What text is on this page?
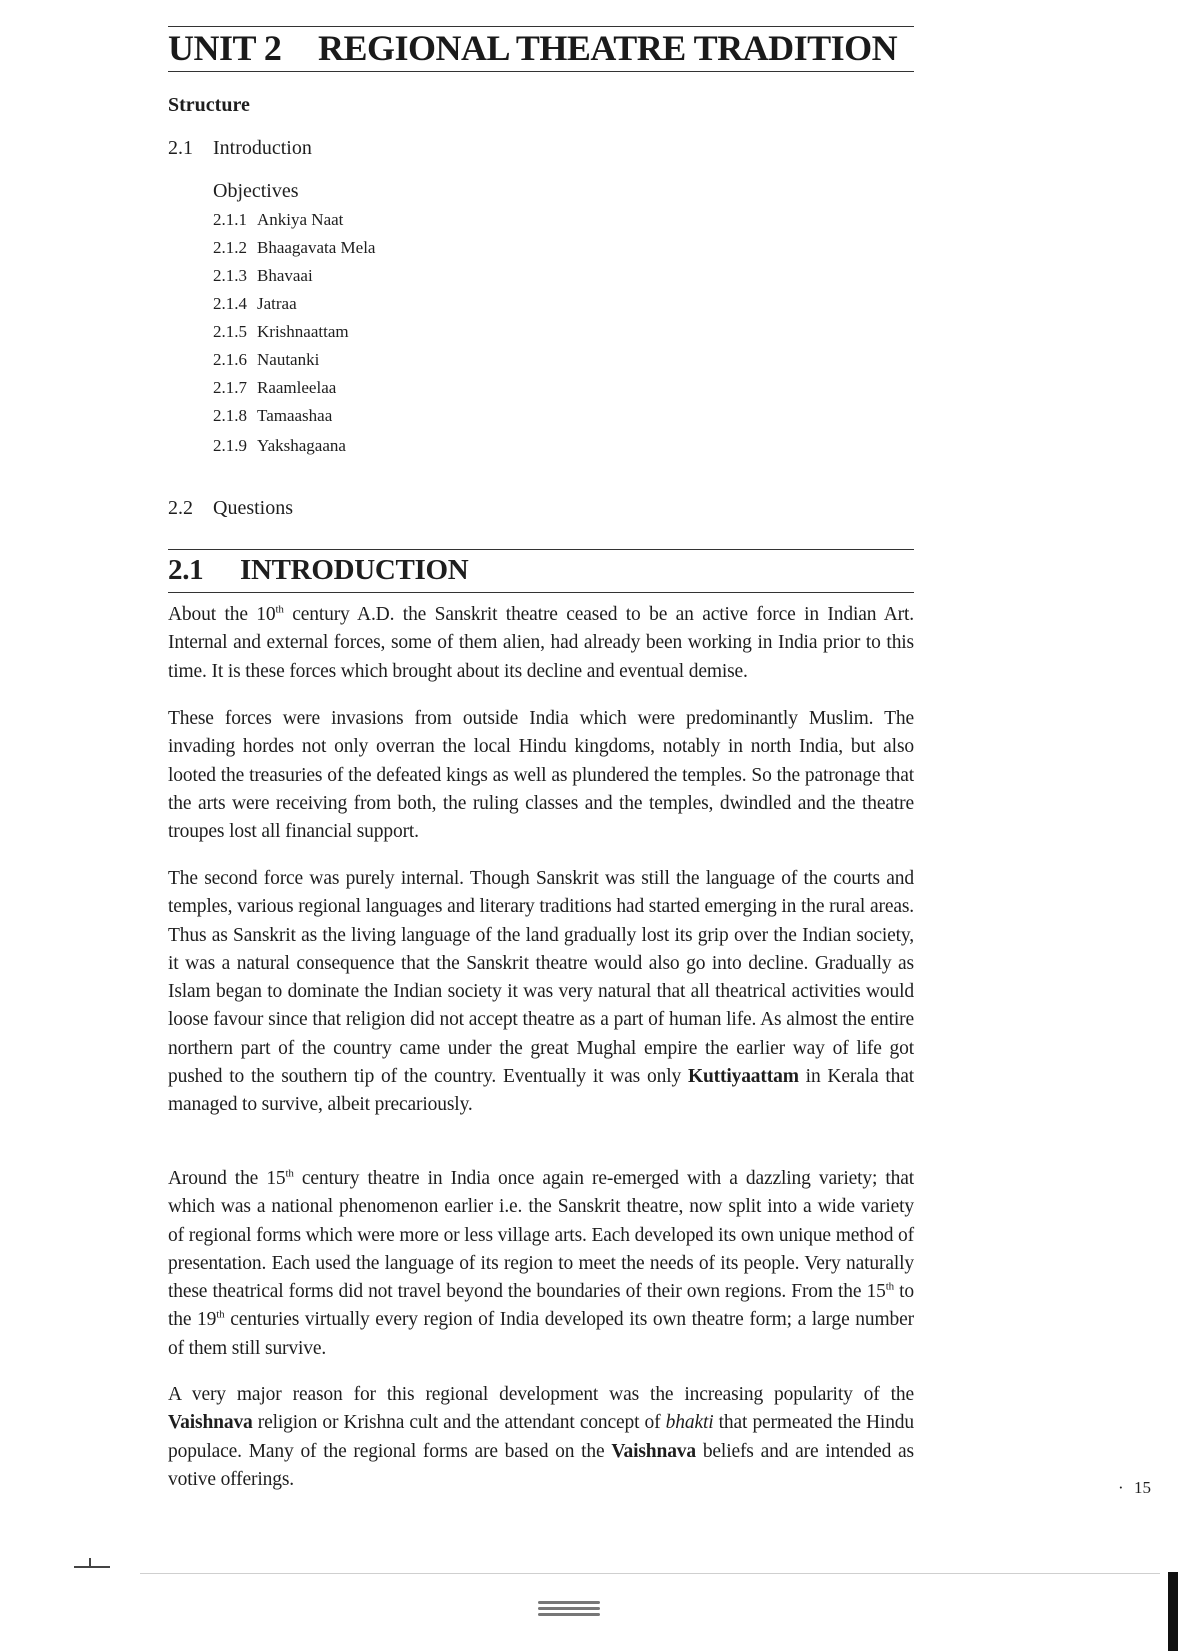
UNIT 2 REGIONAL THEATRE TRADITION
Structure
2.1 Introduction
Objectives
2.1.1 Ankiya Naat
2.1.2 Bhaagavata Mela
2.1.3 Bhavaai
2.1.4 Jatraa
2.1.5 Krishnaattam
2.1.6 Nautanki
2.1.7 Raamleelaa
2.1.8 Tamaashaa
2.1.9 Yakshagaana
2.2 Questions
2.1 INTRODUCTION

About the 10th century A.D. the Sanskrit theatre ceased to be an active force in Indian Art. Internal and external forces, some of them alien, had already been working in India prior to this time. It is these forces which brought about its decline and eventual demise.

These forces were invasions from outside India which were predominantly Muslim. The invading hordes not only overran the local Hindu kingdoms, notably in north India, but also looted the treasuries of the defeated kings as well as plundered the temples. So the patronage that the arts were receiving from both, the ruling classes and the temples, dwindled and the theatre troupes lost all financial support.

The second force was purely internal. Though Sanskrit was still the language of the courts and temples, various regional languages and literary traditions had started emerging in the rural areas. Thus as Sanskrit as the living language of the land gradually lost its grip over the Indian society, it was a natural consequence that the Sanskrit theatre would also go into decline. Gradually as Islam began to dominate the Indian society it was very natural that all theatrical activities would loose favour since that religion did not accept theatre as a part of human life. As almost the entire northern part of the country came under the great Mughal empire the earlier way of life got pushed to the southern tip of the country. Eventually it was only Kuttiyaattam in Kerala that managed to survive, albeit precariously.

Around the 15th century theatre in India once again re-emerged with a dazzling variety; that which was a national phenomenon earlier i.e. the Sanskrit theatre, now split into a wide variety of regional forms which were more or less village arts. Each developed its own unique method of presentation. Each used the language of its region to meet the needs of its people. Very naturally these theatrical forms did not travel beyond the boundaries of their own regions. From the 15th to the 19th centuries virtually every region of India developed its own theatre form; a large number of them still survive.

A very major reason for this regional development was the increasing popularity of the Vaishnava religion or Krishna cult and the attendant concept of bhakti that permeated the Hindu populace. Many of the regional forms are based on the Vaishnava beliefs and are intended as votive offerings.

·	15
